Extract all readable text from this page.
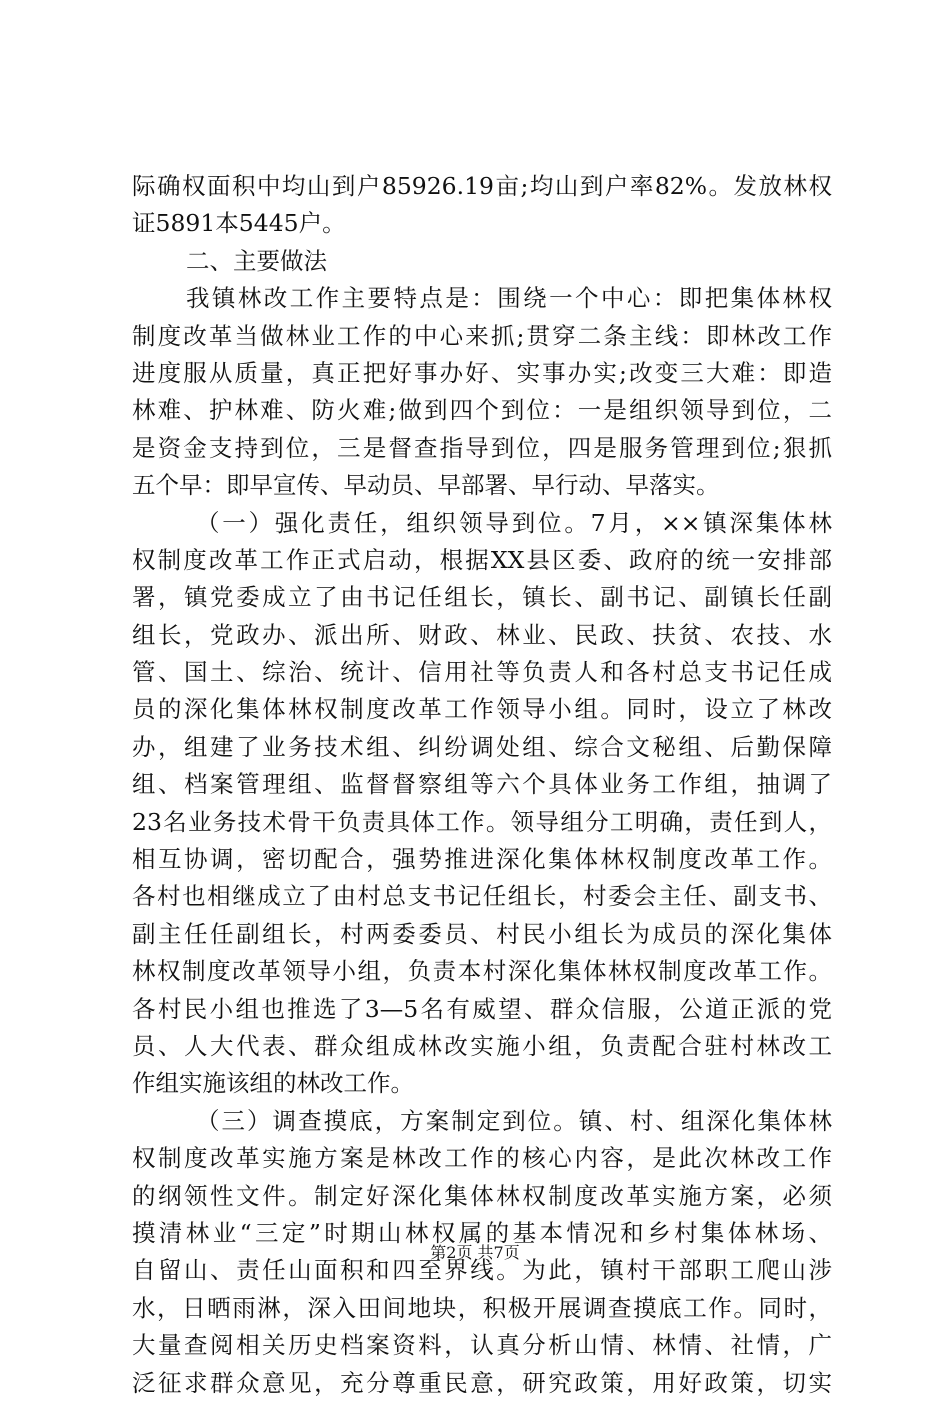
际确权面积中均山到户85926.19亩;均山到户率82%。发放林权
证5891本5445户。
二、主要做法
我镇林改工作主要特点是：围绕一个中心：即把集体林权
制度改革当做林业工作的中心来抓;贯穿二条主线：即林改工作
进度服从质量，真正把好事办好、实事办实;改变三大难：即造
林难、护林难、防火难;做到四个到位：一是组织领导到位，二
是资金支持到位，三是督查指导到位，四是服务管理到位;狠抓
五个早：即早宣传、早动员、早部署、早行动、早落实。
（一）强化责任，组织领导到位。7月，××镇深集体林
权制度改革工作正式启动，根据XX县区委、政府的统一安排部
署，镇党委成立了由书记任组长，镇长、副书记、副镇长任副
组长，党政办、派出所、财政、林业、民政、扶贫、农技、水
管、国土、综治、统计、信用社等负责人和各村总支书记任成
员的深化集体林权制度改革工作领导小组。同时，设立了林改
办，组建了业务技术组、纠纷调处组、综合文秘组、后勤保障
组、档案管理组、监督督察组等六个具体业务工作组，抽调了
23名业务技术骨干负责具体工作。领导组分工明确，责任到人，
相互协调，密切配合，强势推进深化集体林权制度改革工作。
各村也相继成立了由村总支书记任组长，村委会主任、副支书、
副主任任副组长，村两委委员、村民小组长为成员的深化集体
林权制度改革领导小组，负责本村深化集体林权制度改革工作。
各村民小组也推选了3—5名有威望、群众信服，公道正派的党
员、人大代表、群众组成林改实施小组，负责配合驻村林改工
作组实施该组的林改工作。
（三）调查摸底，方案制定到位。镇、村、组深化集体林
权制度改革实施方案是林改工作的核心内容，是此次林改工作
的纲领性文件。制定好深化集体林权制度改革实施方案，必须
摸清林业“三定”时期山林权属的基本情况和乡村集体林场、
自留山、责任山面积和四至界线。为此，镇村干部职工爬山涉
水，日晒雨淋，深入田间地块，积极开展调查摸底工作。同时，
大量查阅相关历史档案资料，认真分析山情、林情、社情，广
泛征求群众意见，充分尊重民意，研究政策，用好政策，切实
第2页 共7页
